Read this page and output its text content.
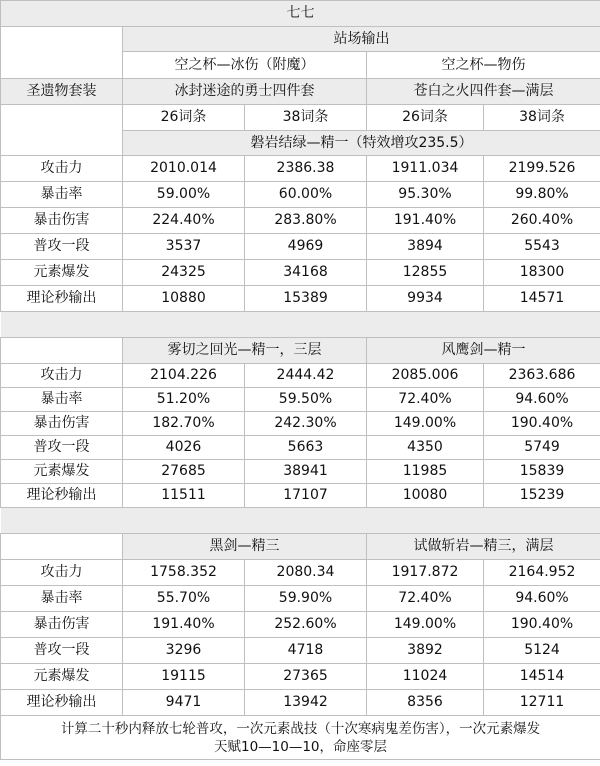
七七				
	站场输出			
	空之杯—冰伤（附魔）		空之杯—物伤	
圣遗物套装	冰封迷途的勇士四件套		苍白之火四件套—满层	
	26词条	38词条	26词条	38词条
	磐岩结绿—精一（特效增攻235.5）			
攻击力	2010.014	2386.38	1911.034	2199.526
暴击率	59.00%	60.00%	95.30%	99.80%
暴击伤害	224.40%	283.80%	191.40%	260.40%
普攻一段	3537	4969	3894	5543
元素爆发	24325	34168	12855	18300
理论秒输出	10880	15389	9934	14571

	雾切之回光—精一，三层		风鹰剑—精一	
攻击力	2104.226	2444.42	2085.006	2363.686
暴击率	51.20%	59.50%	72.40%	94.60%
暴击伤害	182.70%	242.30%	149.00%	190.40%
普攻一段	4026	5663	4350	5749
元素爆发	27685	38941	11985	15839
理论秒输出	11511	17107	10080	15239

	黑剑—精三		试做斩岩—精三，满层	
攻击力	1758.352	2080.34	1917.872	2164.952
暴击率	55.70%	59.90%	72.40%	94.60%
暴击伤害	191.40%	252.60%	149.00%	190.40%
普攻一段	3296	4718	3892	5124
元素爆发	19115	27365	11024	14514
理论秒输出	9471	13942	8356	12711

计算二十秒内释放七轮普攻，一次元素战技（十次寒病鬼差伤害），一次元素爆发
天赋10—10—10，命座零层				
